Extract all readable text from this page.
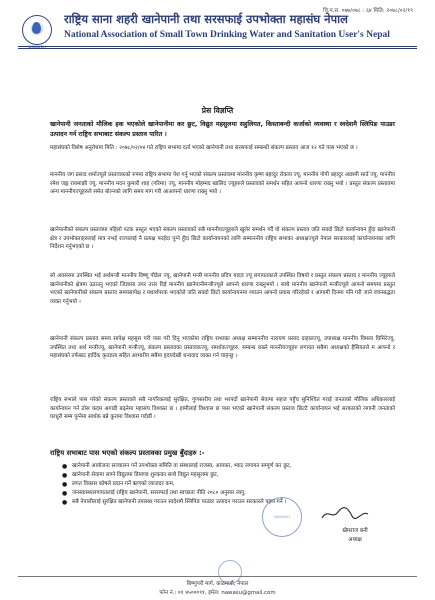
चि.प.स. ०७७/०७८ : ६४ मिति: २०७८/०२/१९
राष्ट्रिय साना शहरी खानेपानी तथा सरसफाई उपभोक्ता महासंघ नेपाल
National Association of Small Town Drinking Water and Sanitation User's Nepal
प्रेस विज्ञप्ति
खानेपानी जनताको मौलिक हक भएकोले खानेपानीमा कर छुट, विद्युत महसुलमा सहुलियत, किस्ताबन्दी कर्जाको व्यवस्था र स्वदेशमै स्लिपिङ पाउडर उत्पादन गर्न राष्ट्रिय सभाबाट संकल्प प्रस्ताव पारित ।
महासंघको विशेष अनुरोधमा मिति : २०७८/०२/०४ गते राष्ट्रिय सभामा दर्ता भएको खानेपानी तथा सरसफाई सम्बन्धी संकल्प प्रस्ताव आज १२ गते पास भएको छ ।
माननीय जग प्रसाद शर्माज्यूले प्रस्तावकको रुपमा राष्ट्रिय सभामा पेश गर्नु भएको संकल्प प्रस्तावमा माननीय कृष्ण बहादुर रोकाय ज्यू, माननीय गोपी बहादुर अछामी साउँ ज्यू, माननीय रमेश जङ्ग रायमाझी ज्यू, माननीय मदन कुमारी शाह (गरिमा) ज्यू, माननीय मोहम्मद खालिद ज्यूहरुले प्रस्तावको समर्थन सहित आफ्नो धारणा राख्नु भयो । प्रस्तुत संकल्प प्रस्तावमा अन्य माननीयज्यूहरुले समेत बोल्नको लागि समय माग गरी आआफ्नो धारणा राख्नु भयो ।
खानेपानीको संकल्प प्रस्तावमा पहिलो पटक प्रस्तुत भएको संकल्प प्रस्तावको सबै माननीयज्यूहरुले खुलेर समर्थन गर्दै यो संकल्प प्रस्ताव जति सक्दो छिटो कार्यान्वयन हुँदा खानेपानी क्षेत्र र उपभोक्ताहरुलाई मात्र नभई राज्यलाई नै प्रत्यक्ष फाईदा पुग्ने हुँदा छिटो कार्यान्वयनको लागि सम्माननीय राष्ट्रिय सभाका अध्यक्षज्यूले नेपाल सरकारलाई कार्यान्वयनका लागि निर्देशन गर्नुभएको छ ।
सो अवसरमा उपस्थित भई अर्थमन्त्री माननीय विष्णु पौडेल ज्यू, खानेपानी मन्त्री माननीय प्रदिप यादव ज्यू लगायतकाले उपस्थित विषयो र प्रस्तुत संकल्प प्रस्ताव र माननीय ज्यूहरुले खानेपानीको क्षेत्रमा उठाउनु भएको जिज्ञासा उपर उत्तर दिई माननीय खानेपानीमन्त्रीज्यूले आफ्नो धारणा राख्नुभयो । साथै माननीय खानेपानी मन्त्रीज्यूले आफ्नो समयमा प्रस्तुत भएको खानेपानीको संकल्प प्रस्ताव समयसापेक्ष र यथार्थपरक भएकोले जति सक्दो छिटो कार्यान्वयनमा ल्याउन आफ्नो प्रयास गरिरहेको र आगामी दिनमा पनि गरी जाने वचनबद्धता व्यक्त गर्नुभयो ।
खानेपानी संकल्प प्रस्ताव समय सापेक्ष महसुस गरी पास गरी दिनु भएकोमा राष्ट्रिय सभाका अध्यक्ष सम्माननीय नारायण प्रसाद दाहालज्यू, उपाध्यक्ष माननीय विमला घिमिरेज्यू, उपस्थित तथा अर्थ मन्त्रीज्यू, खानेपानी मन्त्रीज्यू, संकल्प प्रस्तावका प्रस्तावकज्यू, समर्थकज्यूहरु, सम्बन्ध राख्ने माननीयज्यूहरु लगायत सबैमा अध्यक्षको हैसियतले म आफ्नो र महासंघको तर्फबाट हार्दिक कृतज्ञता सहित आभारीय सबैमा हृदयदेखी धन्यवाद व्यक्त गर्न चाहन्छु ।
राष्ट्रिय सभाले पास गरेको संकल्प प्रस्तावले सबै नागरिकलाई सुरक्षित, गुणस्तरीय तथा भरपर्दो खानेपानी सेवामा सहज पहुँच सुनिश्चित गराई जनताको मौलिक अधिकारलाई कार्यान्वयन गर्न ठोस कदम अगाडी बढ्नेमा महासंघ विश्वस्त छ । हामीलाई विश्वास छ पास भएको खानेपानी संकल्प प्रस्ताव छिटटै कार्यान्वयन भई सरकारको लगानी जनताको घरधुरी सम्म पुग्नेमा सार्थक बन्ने कुरामा विश्वास गर्दछौं ।
राष्ट्रिय सभाबाट पास भएको संकल्प प्रस्तावका प्रमुख बुँदाहरु :-
● खानेपानी आयोजना सञ्चालन गर्ने उपभोक्ता समिति वा संस्थालाई राजस्व, आयकर, भ्याट लगायत सम्पूर्ण कर छुट,
● खानेपानी सेवामा लाग्ने विद्युतमा डिमाण्ड शुल्कका साथै विद्युत महसुलमा छुट,
● लगत विकास कोषले प्रदान गर्ने ऋणको व्याजदर कम,
● जनस्वास्थ्यलगायतलाई राष्ट्रिय खानेपानी, सरसफाई तथा स्वच्छता नीति २०८० अनुसार लागु,
● सबै नेपालीलाई सुरक्षित खानेपानी उपलब्ध गराउन स्वदेशमै स्लिपिङ पाउडर उत्पादन गराउन सरकारले पहल गर्ने ।
NAWASU
खेमराज बनी
अध्यक्ष
बिष्णुपरी मार्ग, काठमाडौं, नेपाल
फोन नं.: ०१ ४५०००९१, इमेल: nawasu@gmail.com
